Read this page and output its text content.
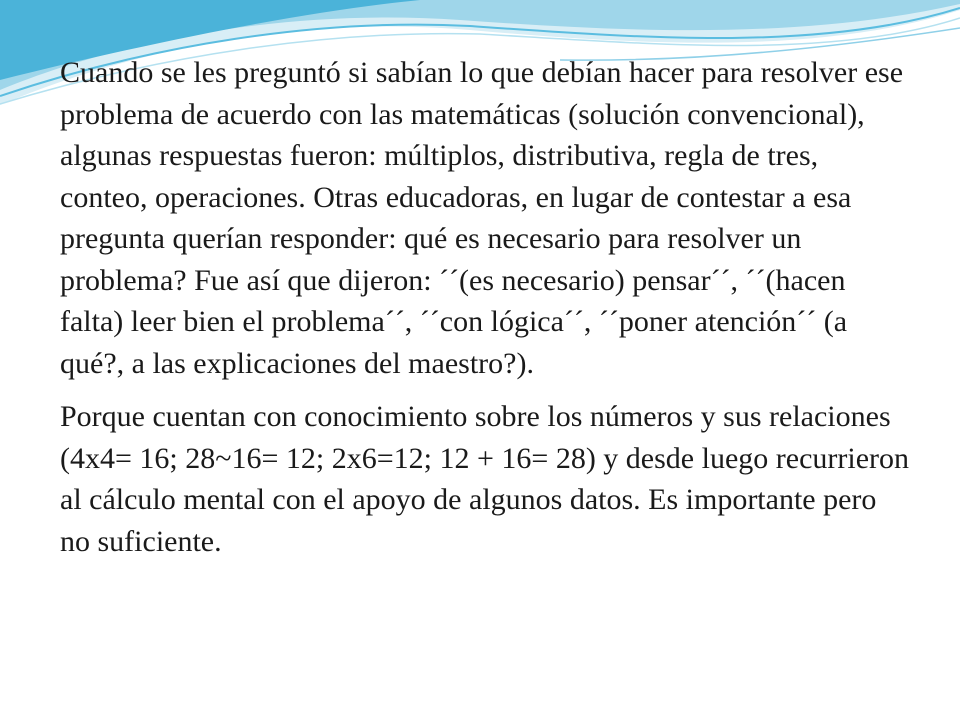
Cuando se les preguntó si sabían lo que debían hacer para resolver ese problema de acuerdo con las matemáticas (solución convencional), algunas respuestas fueron: múltiplos, distributiva, regla de tres, conteo, operaciones. Otras educadoras, en lugar de contestar a esa pregunta querían responder: qué es necesario para resolver un problema? Fue así que dijeron: ´´(es necesario) pensar´´, ´´(hacen falta) leer bien el problema´´, ´´con lógica´´, ´´poner atención´´ (a qué?, a las explicaciones del maestro?).

Porque cuentan con conocimiento sobre los números y sus relaciones (4x4= 16; 28~16= 12; 2x6=12; 12 + 16= 28) y desde luego recurrieron al cálculo mental con el apoyo de algunos datos. Es importante pero no suficiente.
